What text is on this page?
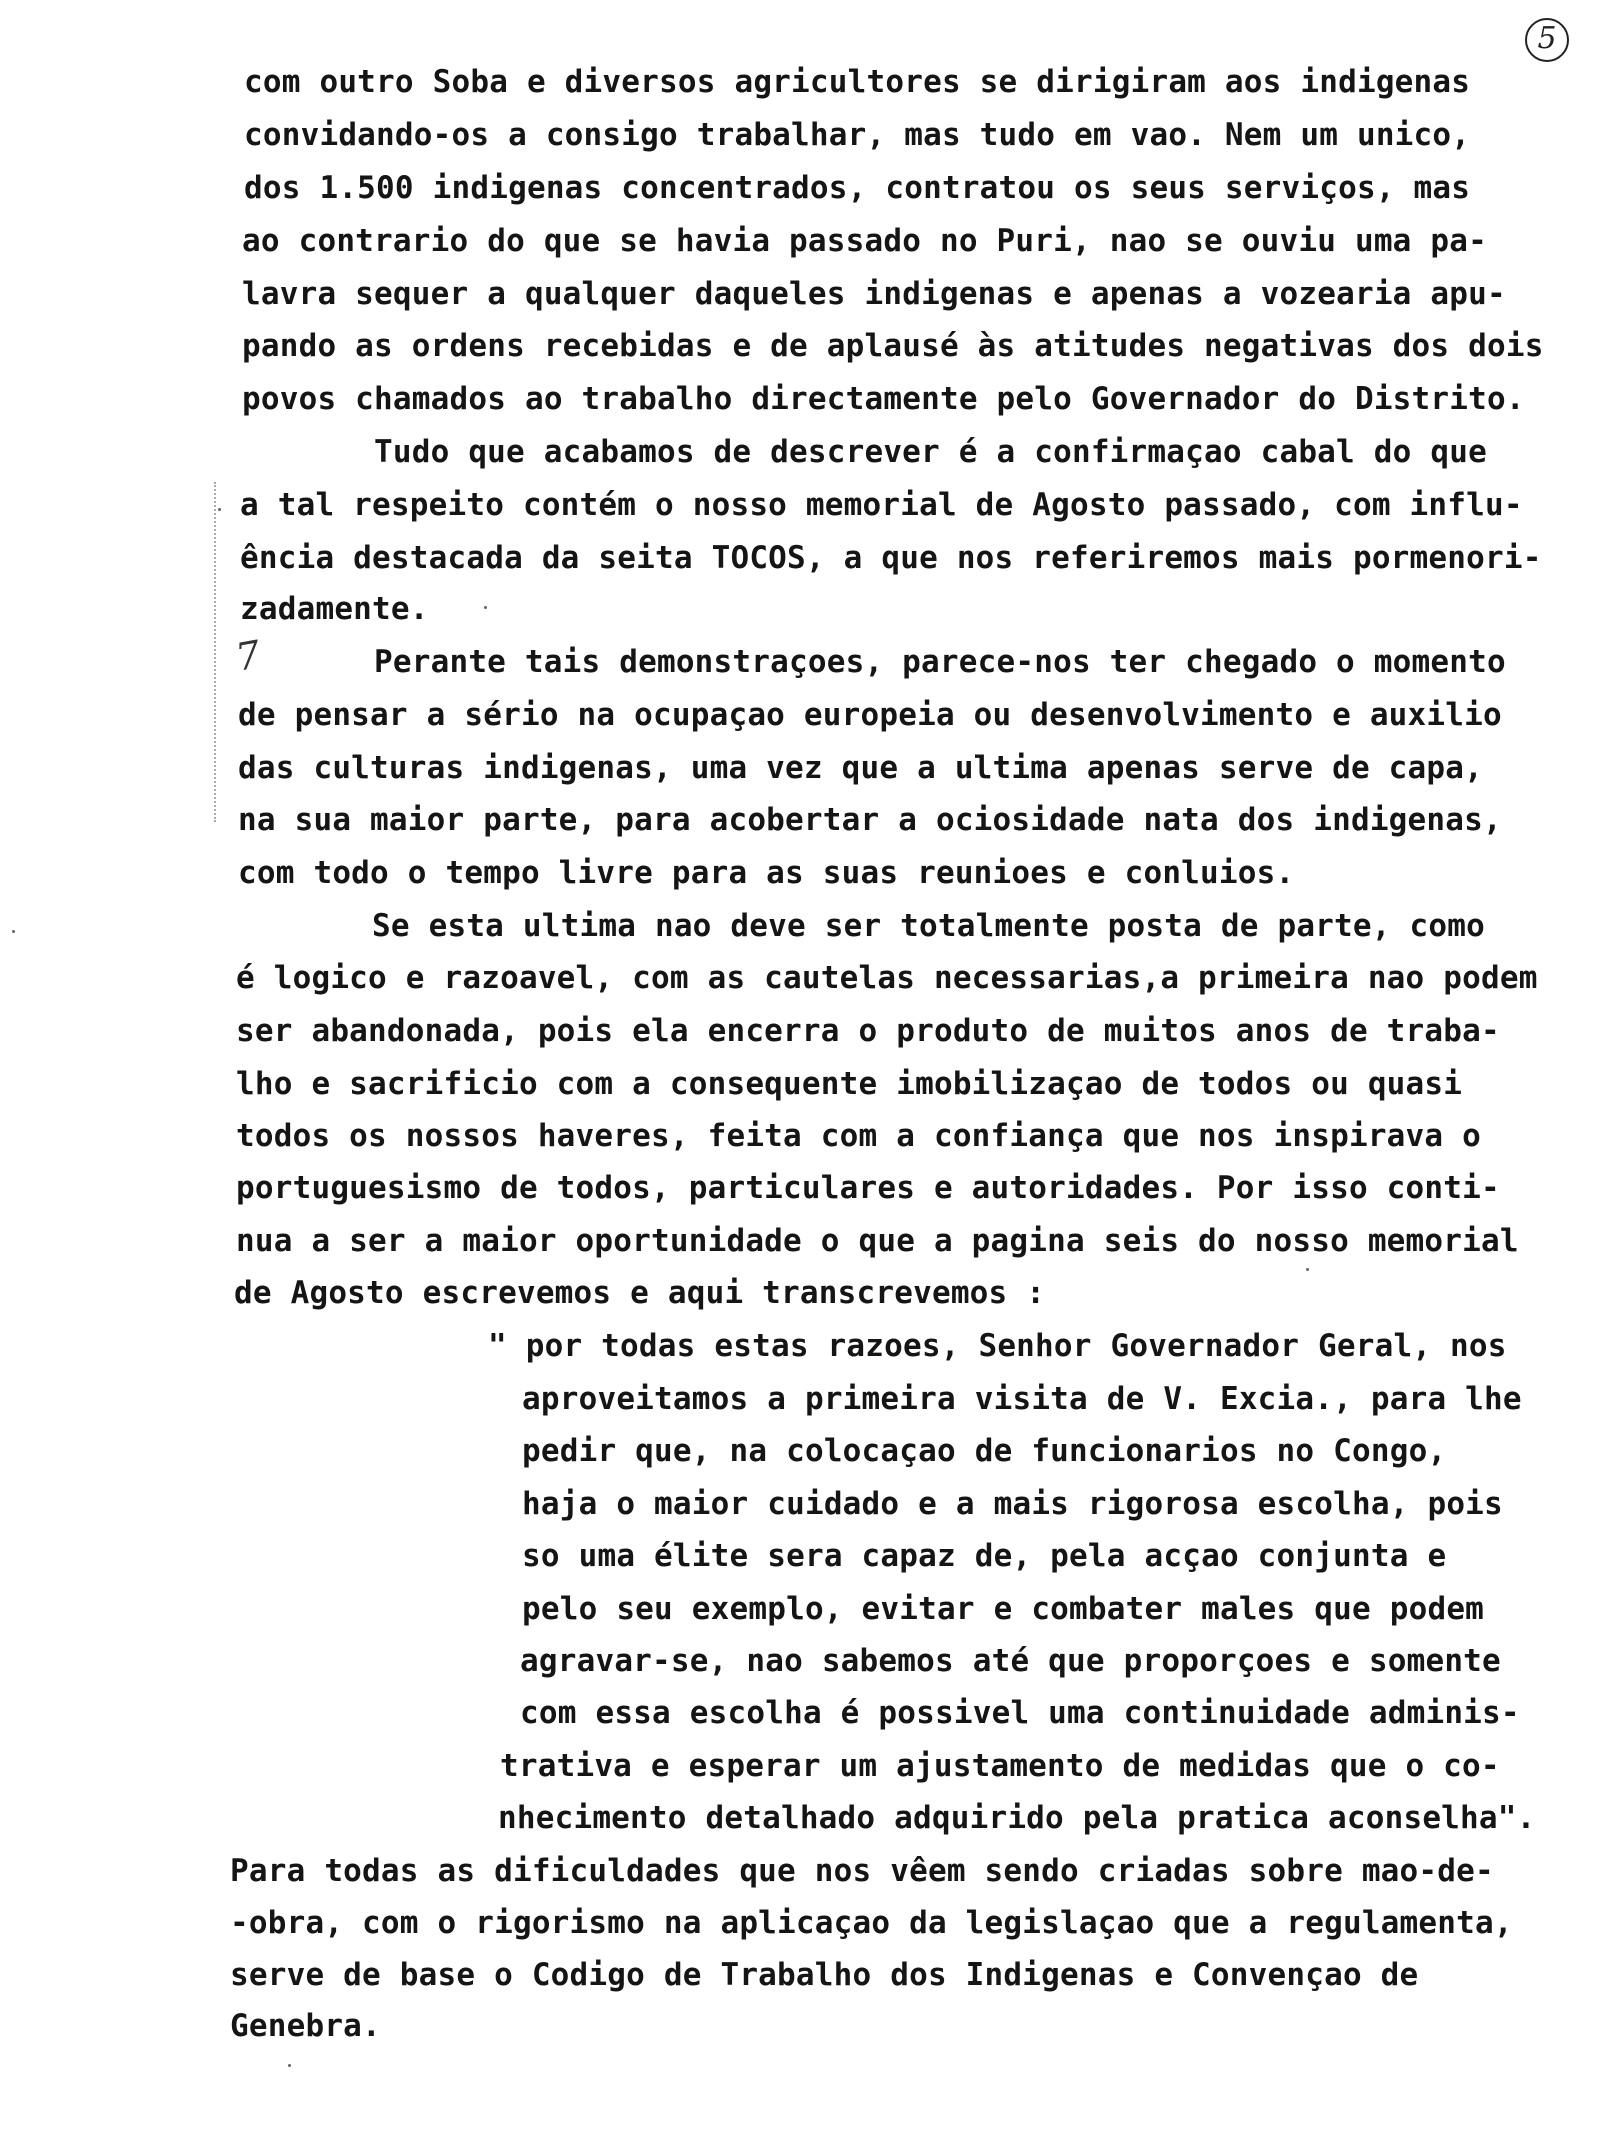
5
7
com outro Soba e diversos agricultores se dirigiram aos indigenas
convidando-os a consigo trabalhar, mas tudo em vao. Nem um unico,
dos 1.500 indigenas concentrados, contratou os seus serviços, mas
ao contrario do que se havia passado no Puri, nao se ouviu uma pa-
lavra sequer a qualquer daqueles indigenas e apenas a vozearia apu-
pando as ordens recebidas e de aplausé às atitudes negativas dos dois
povos chamados ao trabalho directamente pelo Governador do Distrito.
Tudo que acabamos de descrever é a confirmaçao cabal do que
a tal respeito contém o nosso memorial de Agosto passado, com influ-
ência destacada da seita TOCOS, a que nos referiremos mais pormenori-
zadamente.
Perante tais demonstraçoes, parece-nos ter chegado o momento
de pensar a sério na ocupaçao europeia ou desenvolvimento e auxilio
das culturas indigenas, uma vez que a ultima apenas serve de capa,
na sua maior parte, para acobertar a ociosidade nata dos indigenas,
com todo o tempo livre para as suas reunioes e conluios.
Se esta ultima nao deve ser totalmente posta de parte, como
é logico e razoavel, com as cautelas necessarias,a primeira nao podem
ser abandonada, pois ela encerra o produto de muitos anos de traba-
lho e sacrificio com a consequente imobilizaçao de todos ou quasi
todos os nossos haveres, feita com a confiança que nos inspirava o
portuguesismo de todos, particulares e autoridades. Por isso conti-
nua a ser a maior oportunidade o que a pagina seis do nosso memorial
de Agosto escrevemos e aqui transcrevemos :
" por todas estas razoes, Senhor Governador Geral, nos
aproveitamos a primeira visita de V. Excia., para lhe
pedir que, na colocaçao de funcionarios no Congo,
haja o maior cuidado e a mais rigorosa escolha, pois
so uma élite sera capaz de, pela acçao conjunta e
pelo seu exemplo, evitar e combater males que podem
agravar-se, nao sabemos até que proporçoes e somente
com essa escolha é possivel uma continuidade adminis-
trativa e esperar um ajustamento de medidas que o co-
nhecimento detalhado adquirido pela pratica aconselha".
Para todas as dificuldades que nos vêem sendo criadas sobre mao-de-
-obra, com o rigorismo na aplicaçao da legislaçao que a regulamenta,
serve de base o Codigo de Trabalho dos Indigenas e Convençao de
Genebra.
